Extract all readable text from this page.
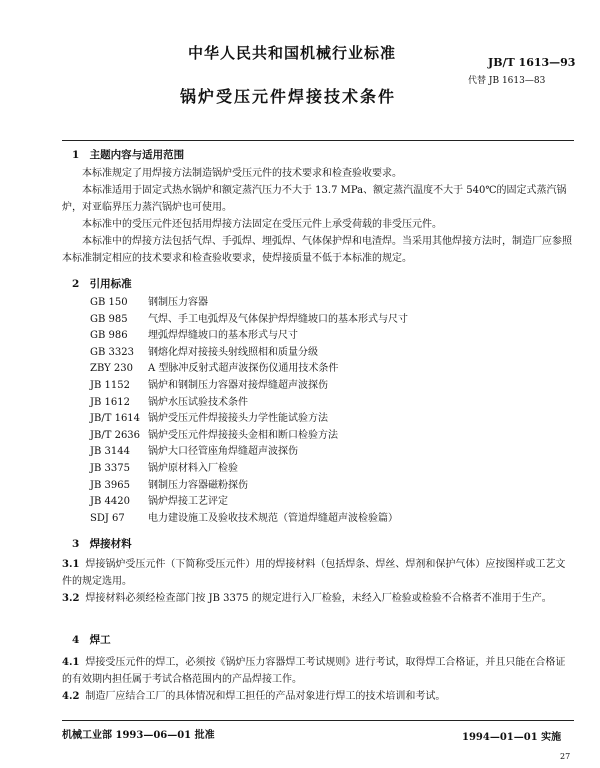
中华人民共和国机械行业标准
JB/T 1613—93
代替 JB 1613—83
锅炉受压元件焊接技术条件
1 主题内容与适用范围
本标准规定了用焊接方法制造锅炉受压元件的技术要求和检查验收要求。
本标准适用于固定式热水锅炉和额定蒸汽压力不大于 13.7 MPa、额定蒸汽温度不大于 540℃的固定式蒸汽锅炉，对亚临界压力蒸汽锅炉也可使用。
本标准中的受压元件还包括用焊接方法固定在受压元件上承受荷载的非受压元件。
本标准中的焊接方法包括气焊、手弧焊、埋弧焊、气体保护焊和电渣焊。当采用其他焊接方法时，制造厂应参照本标准制定相应的技术要求和检查验收要求，使焊接质量不低于本标准的规定。
2 引用标准
GB 150	钢制压力容器
GB 985	气焊、手工电弧焊及气体保护焊焊缝坡口的基本形式与尺寸
GB 986	埋弧焊焊缝坡口的基本形式与尺寸
GB 3323	钢熔化焊对接接头射线照相和质量分级
ZBY 230	A 型脉冲反射式超声波探伤仪通用技术条件
JB 1152	锅炉和钢制压力容器对接焊缝超声波探伤
JB 1612	锅炉水压试验技术条件
JB/T 1614 锅炉受压元件焊接接头力学性能试验方法
JB/T 2636 锅炉受压元件焊接接头金相和断口检验方法
JB 3144	锅炉大口径管座角焊缝超声波探伤
JB 3375	锅炉原材料入厂检验
JB 3965	钢制压力容器磁粉探伤
JB 4420	锅炉焊接工艺评定
SDJ 67	电力建设施工及验收技术规范（管道焊缝超声波检验篇）
3 焊接材料
3.1 焊接锅炉受压元件（下简称受压元件）用的焊接材料（包括焊条、焊丝、焊剂和保护气体）应按图样或工艺文件的规定选用。
3.2 焊接材料必须经检查部门按 JB 3375 的规定进行入厂检验，未经入厂检验或检验不合格者不准用于生产。
4 焊工
4.1 焊接受压元件的焊工，必须按《锅炉压力容器焊工考试规则》进行考试，取得焊工合格证，并且只能在合格证的有效期内担任属于考试合格范围内的产品焊接工作。
4.2 制造厂应结合工厂的具体情况和焊工担任的产品对象进行焊工的技术培训和考试。
机械工业部 1993—06—01 批准	1994—01—01 实施
27
